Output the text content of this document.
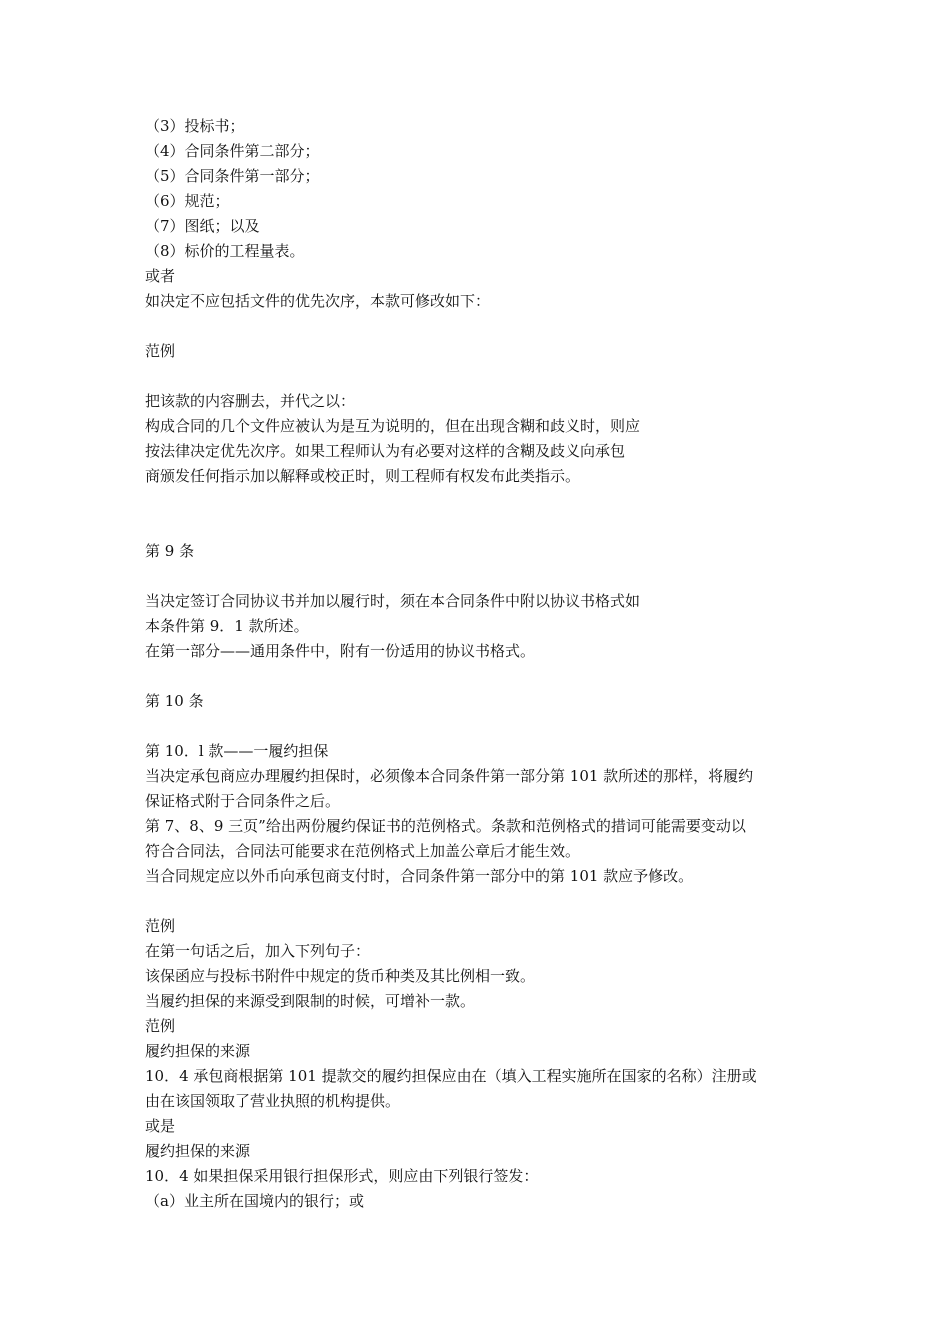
（3）投标书；
（4）合同条件第二部分；
（5）合同条件第一部分；
（6）规范；
（7）图纸；以及
（8）标价的工程量表。
或者
如决定不应包括文件的优先次序，本款可修改如下：
范例
把该款的内容删去，并代之以：
构成合同的几个文件应被认为是互为说明的，但在出现含糊和歧义时，则应
按法律决定优先次序。如果工程师认为有必要对这样的含糊及歧义向承包
商颁发任何指示加以解释或校正时，则工程师有权发布此类指示。
第 9 条
当决定签订合同协议书并加以履行时，须在本合同条件中附以协议书格式如
本条件第 9．1 款所述。
在第一部分——通用条件中，附有一份适用的协议书格式。
第 10 条
第 10．l 款——一履约担保
当决定承包商应办理履约担保时，必须像本合同条件第一部分第 101 款所述的那样，将履约
保证格式附于合同条件之后。
第 7、8、9 三页”给出两份履约保证书的范例格式。条款和范例格式的措词可能需要变动以
符合合同法，合同法可能要求在范例格式上加盖公章后才能生效。
当合同规定应以外币向承包商支付时，合同条件第一部分中的第 101 款应予修改。
范例
在第一句话之后，加入下列句子：
该保函应与投标书附件中规定的货币种类及其比例相一致。
当履约担保的来源受到限制的时候，可增补一款。
范例
履约担保的来源
10．4 承包商根据第 101 提款交的履约担保应由在（填入工程实施所在国家的名称）注册或
由在该国领取了营业执照的机构提供。
或是
履约担保的来源
10．4 如果担保采用银行担保形式，则应由下列银行签发：
（a）业主所在国境内的银行；或
